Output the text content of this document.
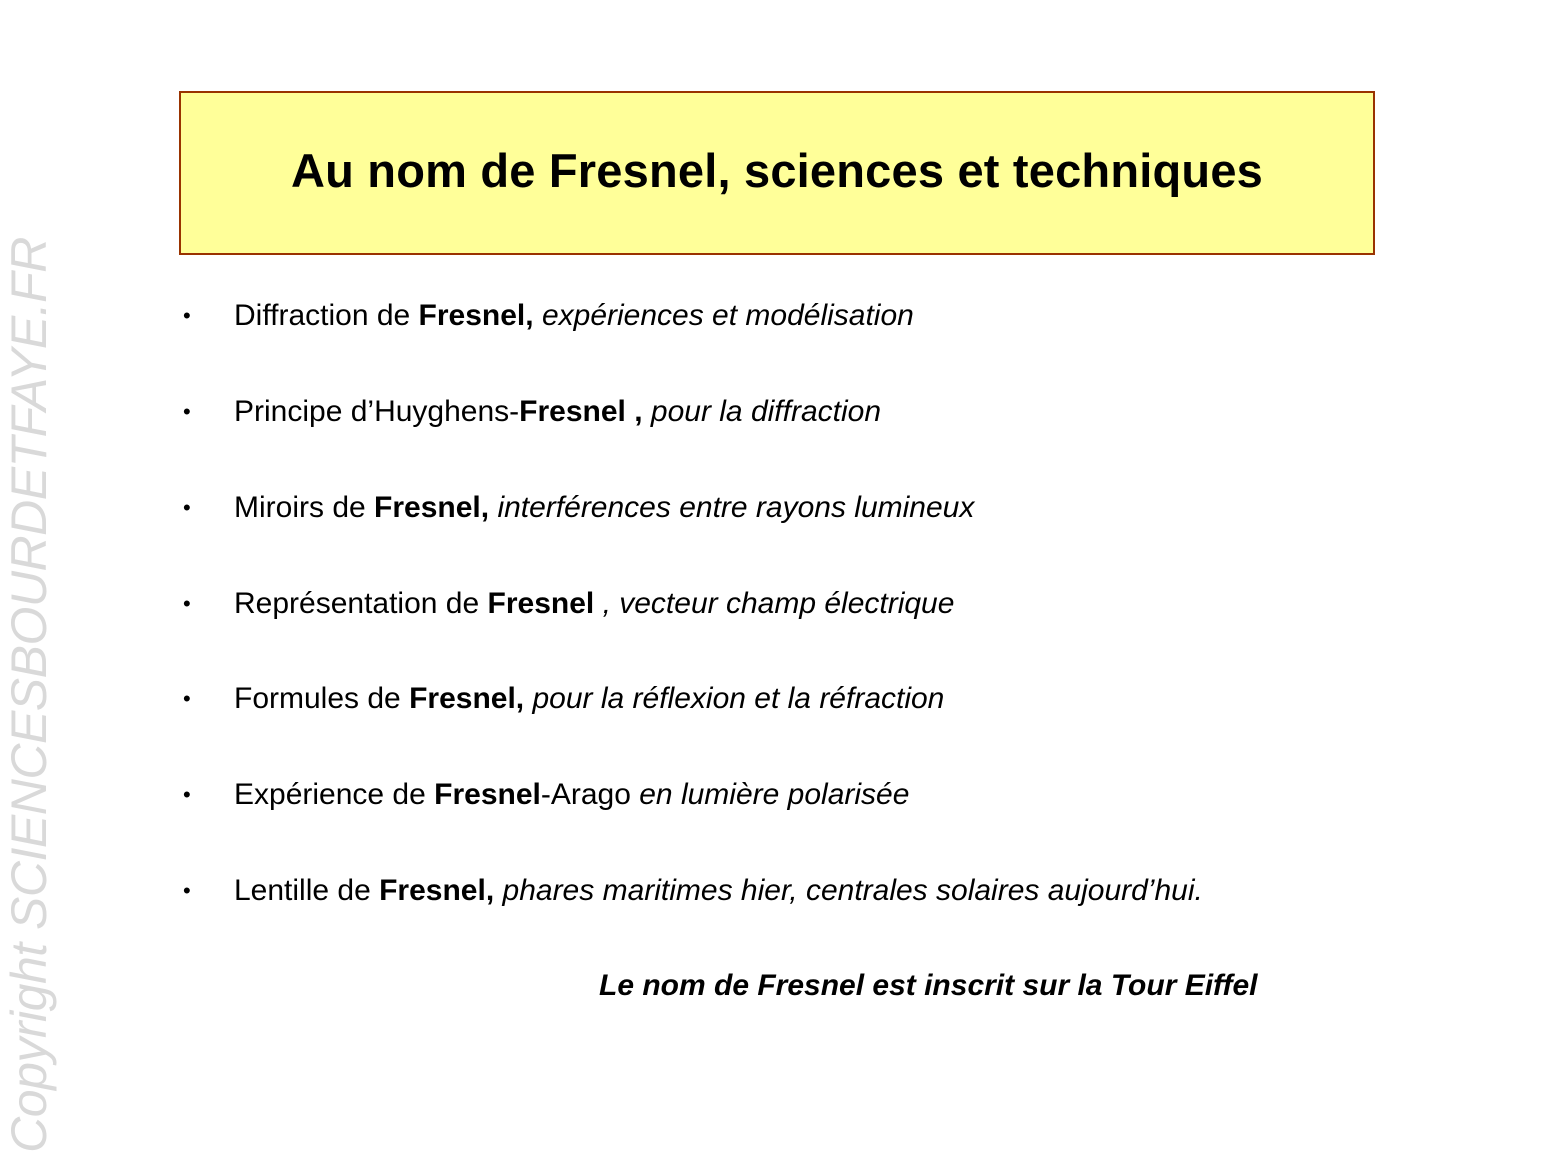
Au nom de Fresnel, sciences et techniques
•	Diffraction de Fresnel, expériences et modélisation
•	Principe d’Huyghens-Fresnel , pour la diffraction
•	Miroirs de Fresnel, interférences entre rayons lumineux
•	Représentation de Fresnel , vecteur champ électrique
•	Formules de Fresnel, pour la réflexion et la réfraction
•	Expérience de Fresnel-Arago en lumière polarisée
•	Lentille de Fresnel, phares maritimes hier, centrales solaires aujourd’hui.
Le nom de Fresnel est inscrit sur la Tour Eiffel
Copyright SCIENCESBOURDETFAYE.FR
